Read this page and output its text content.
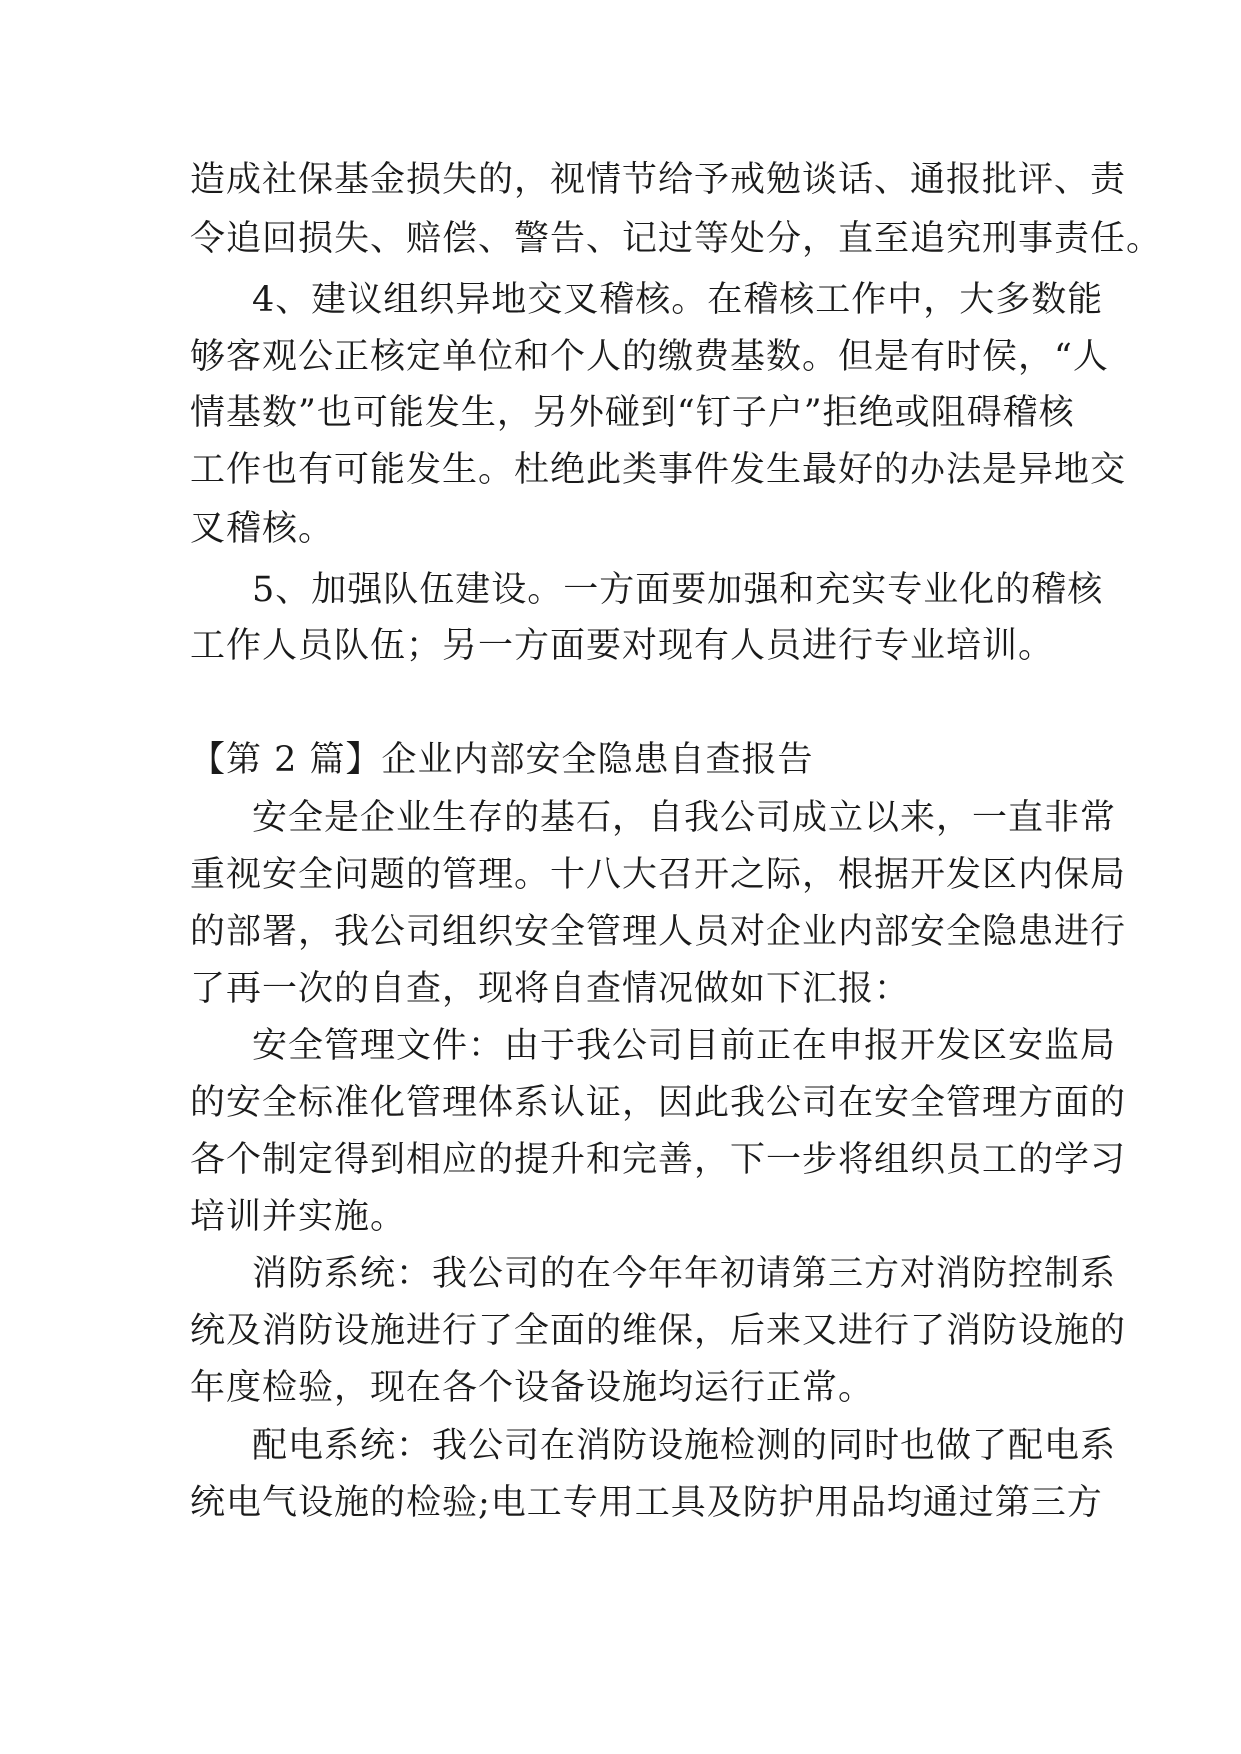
造成社保基金损失的，视情节给予戒勉谈话、通报批评、责
令追回损失、赔偿、警告、记过等处分，直至追究刑事责任。
4、建议组织异地交叉稽核。在稽核工作中，大多数能
够客观公正核定单位和个人的缴费基数。但是有时侯，“人
情基数”也可能发生，另外碰到“钉子户”拒绝或阻碍稽核
工作也有可能发生。杜绝此类事件发生最好的办法是异地交
叉稽核。
5、加强队伍建设。一方面要加强和充实专业化的稽核
工作人员队伍；另一方面要对现有人员进行专业培训。
【第 2 篇】企业内部安全隐患自查报告
安全是企业生存的基石，自我公司成立以来，一直非常
重视安全问题的管理。十八大召开之际，根据开发区内保局
的部署，我公司组织安全管理人员对企业内部安全隐患进行
了再一次的自查，现将自查情况做如下汇报：
安全管理文件：由于我公司目前正在申报开发区安监局
的安全标准化管理体系认证，因此我公司在安全管理方面的
各个制定得到相应的提升和完善，下一步将组织员工的学习
培训并实施。
消防系统：我公司的在今年年初请第三方对消防控制系
统及消防设施进行了全面的维保，后来又进行了消防设施的
年度检验，现在各个设备设施均运行正常。
配电系统：我公司在消防设施检测的同时也做了配电系
统电气设施的检验;电工专用工具及防护用品均通过第三方
